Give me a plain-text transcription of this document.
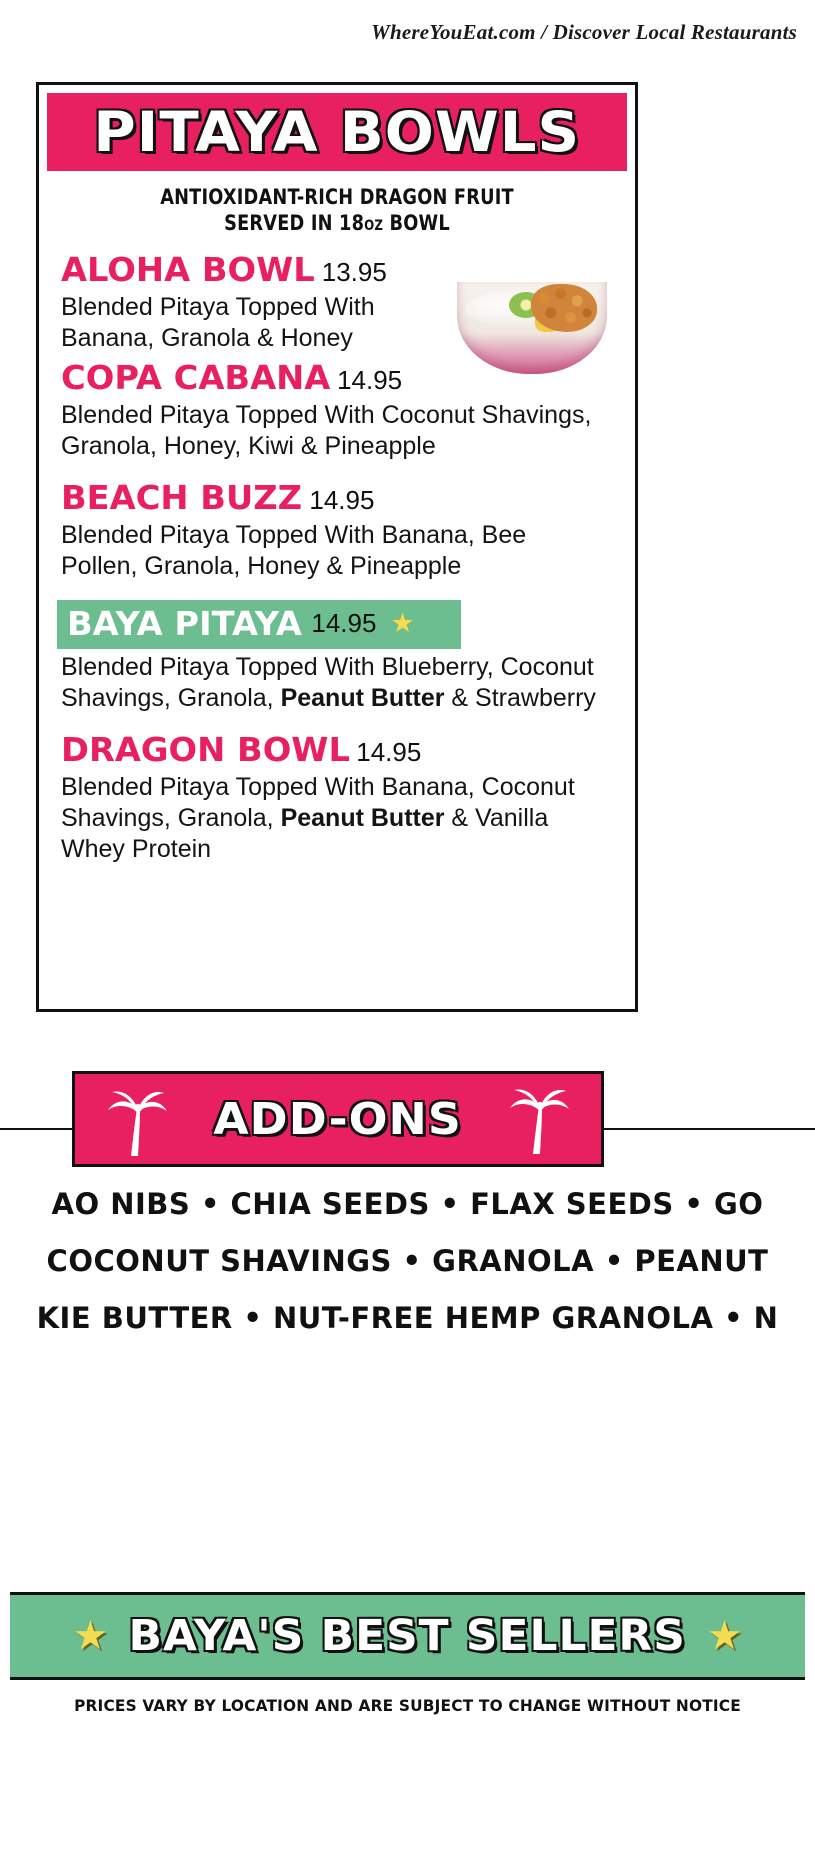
WhereYouEat.com / Discover Local Restaurants
PITAYA BOWLS
ANTIOXIDANT-RICH DRAGON FRUIT
SERVED IN 18OZ BOWL
ALOHA BOWL 13.95
Blended Pitaya Topped With Banana, Granola & Honey
COPA CABANA 14.95
Blended Pitaya Topped With Coconut Shavings, Granola, Honey, Kiwi & Pineapple
BEACH BUZZ 14.95
Blended Pitaya Topped With Banana, Bee Pollen, Granola, Honey & Pineapple
BAYA PITAYA 14.95 ★
Blended Pitaya Topped With Blueberry, Coconut Shavings, Granola, Peanut Butter & Strawberry
DRAGON BOWL 14.95
Blended Pitaya Topped With Banana, Coconut Shavings, Granola, Peanut Butter & Vanilla Whey Protein
ADD-ONS
AO NIBS • CHIA SEEDS • FLAX SEEDS • GO
COCONUT SHAVINGS • GRANOLA • PEANUT
KIE BUTTER • NUT-FREE HEMP GRANOLA • N
★ BAYA'S BEST SELLERS ★
PRICES VARY BY LOCATION AND ARE SUBJECT TO CHANGE WITHOUT NOTICE
